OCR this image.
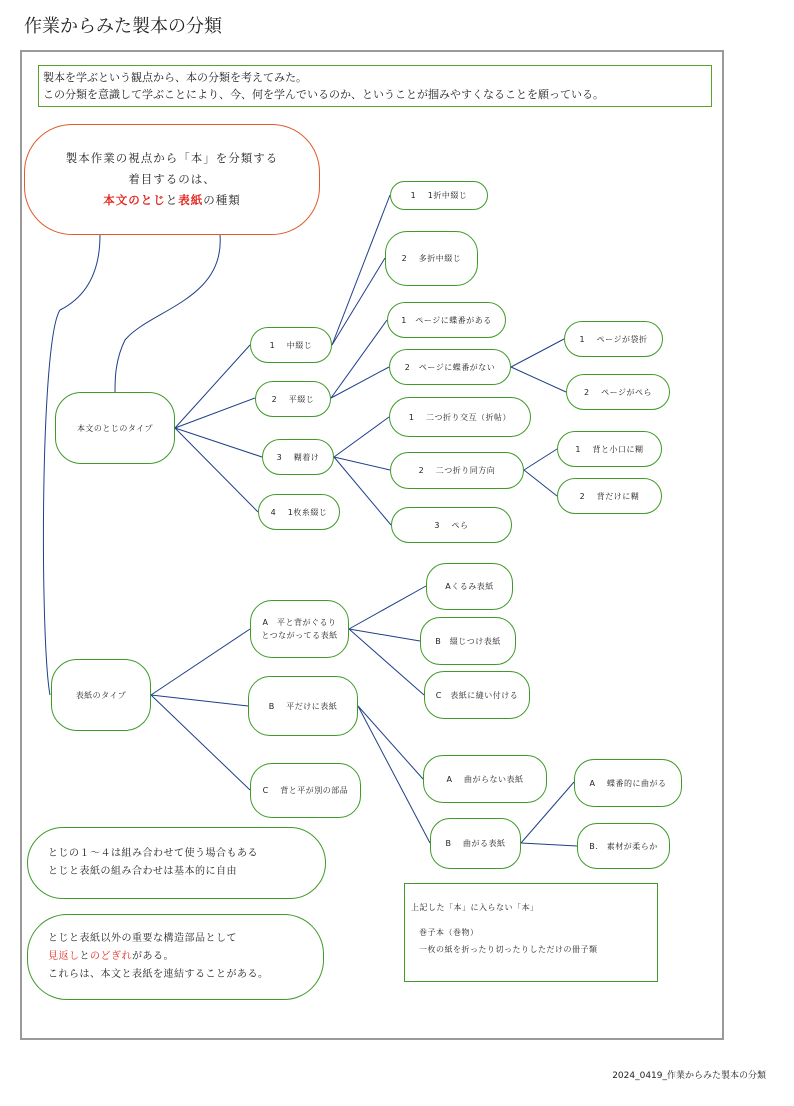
作業からみた製本の分類
製本を学ぶという観点から、本の分類を考えてみた。
この分類を意識して学ぶことにより、今、何を学んでいるのか、ということが掴みやすくなることを願っている。
製本作業の視点から「本」を分類する
着目するのは、
本文のとじと表紙の種類
本文のとじのタイプ
1　 中綴じ
1　 1折中綴じ
2　 多折中綴じ
2　 平綴じ
1　ページに蝶番がある
2　ページに蝶番がない
1　 ページが袋折
2　 ページがぺら
3　 糊着け
1　 二つ折り交互（折帖）
2　 二つ折り同方向
1　 背と小口に糊
2　 背だけに糊
3　 ぺら
4　 1枚糸綴じ
表紙のタイプ
A　平と背がぐるり
とつながってる表紙
Aくるみ表紙
B　綴じつけ表紙
C　表紙に縫い付ける
B　 平だけに表紙
A　 曲がらない表紙
B　 曲がる表紙
A　 蝶番的に曲がる
B.　素材が柔らか
C　 背と平が別の部品
とじの１～４は組み合わせて使う場合もある
とじと表紙の組み合わせは基本的に自由
とじと表紙以外の重要な構造部品として
見返しとのどぎれがある。
これらは、本文と表紙を連結することがある。
上記した「本」に入らない「本」
巻子本（巻物）
一枚の紙を折ったり切ったりしただけの冊子類
2024_0419_作業からみた製本の分類
